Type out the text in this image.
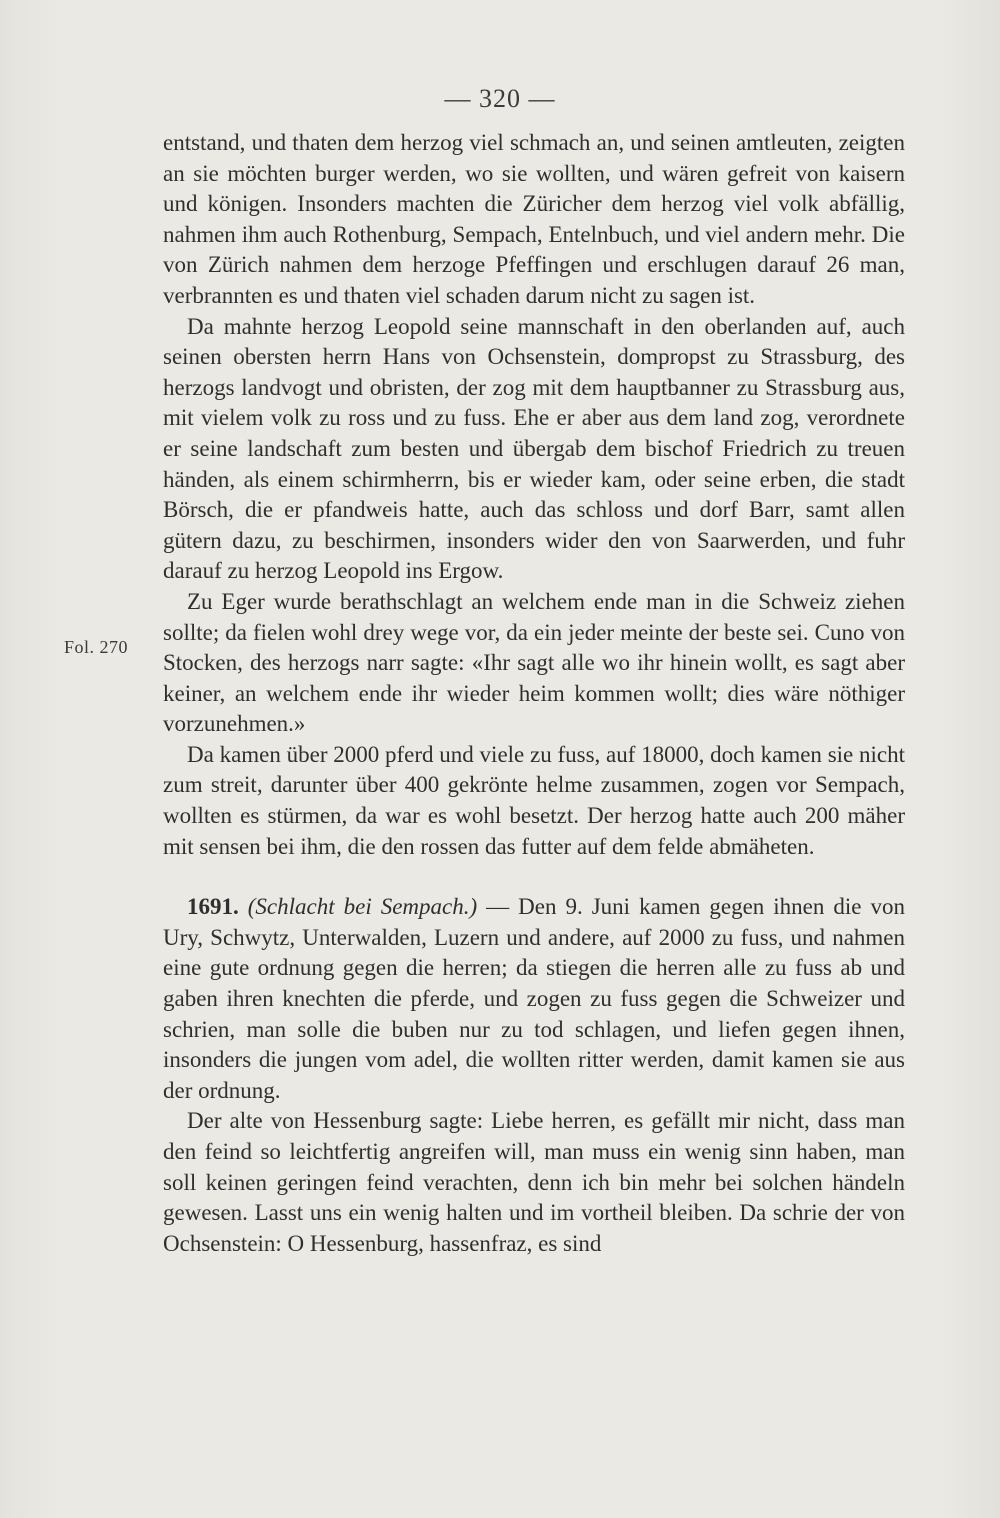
— 320 —
Fol. 270

entstand, und thaten dem herzog viel schmach an, und seinen amtleuten, zeigten an sie möchten burger werden, wo sie wollten, und wären gefreit von kaisern und königen. Insonders machten die Züricher dem herzog viel volk abfällig, nahmen ihm auch Rothenburg, Sempach, Entelnbuch, und viel andern mehr. Die von Zürich nahmen dem herzoge Pfeffingen und erschlugen darauf 26 man, verbrannten es und thaten viel schaden darum nicht zu sagen ist.

Da mahnte herzog Leopold seine mannschaft in den oberlanden auf, auch seinen obersten herrn Hans von Ochsenstein, dompropst zu Strassburg, des herzogs landvogt und obristen, der zog mit dem hauptbanner zu Strassburg aus, mit vielem volk zu ross und zu fuss. Ehe er aber aus dem land zog, verordnete er seine landschaft zum besten und übergab dem bischof Friedrich zu treuen händen, als einem schirmherrn, bis er wieder kam, oder seine erben, die stadt Börsch, die er pfandweis hatte, auch das schloss und dorf Barr, samt allen gütern dazu, zu beschirmen, insonders wider den von Saarwerden, und fuhr darauf zu herzog Leopold ins Ergow.

Zu Eger wurde berathschlagt an welchem ende man in die Schweiz ziehen sollte; da fielen wohl drey wege vor, da ein jeder meinte der beste sei. Cuno von Stocken, des herzogs narr sagte: «Ihr sagt alle wo ihr hinein wollt, es sagt aber keiner, an welchem ende ihr wieder heim kommen wollt; dies wäre nöthiger vorzunehmen.»

Da kamen über 2000 pferd und viele zu fuss, auf 18000, doch kamen sie nicht zum streit, darunter über 400 gekrönte helme zusammen, zogen vor Sempach, wollten es stürmen, da war es wohl besetzt. Der herzog hatte auch 200 mäher mit sensen bei ihm, die den rossen das futter auf dem felde abmäheten.

1691. (Schlacht bei Sempach.) — Den 9. Juni kamen gegen ihnen die von Ury, Schwytz, Unterwalden, Luzern und andere, auf 2000 zu fuss, und nahmen eine gute ordnung gegen die herren; da stiegen die herren alle zu fuss ab und gaben ihren knechten die pferde, und zogen zu fuss gegen die Schweizer und schrien, man solle die buben nur zu tod schlagen, und liefen gegen ihnen, insonders die jungen vom adel, die wollten ritter werden, damit kamen sie aus der ordnung.

Der alte von Hessenburg sagte: Liebe herren, es gefällt mir nicht, dass man den feind so leichtfertig angreifen will, man muss ein wenig sinn haben, man soll keinen geringen feind verachten, denn ich bin mehr bei solchen händeln gewesen. Lasst uns ein wenig halten und im vortheil bleiben. Da schrie der von Ochsenstein: O Hessenburg, hassenfraz, es sind
